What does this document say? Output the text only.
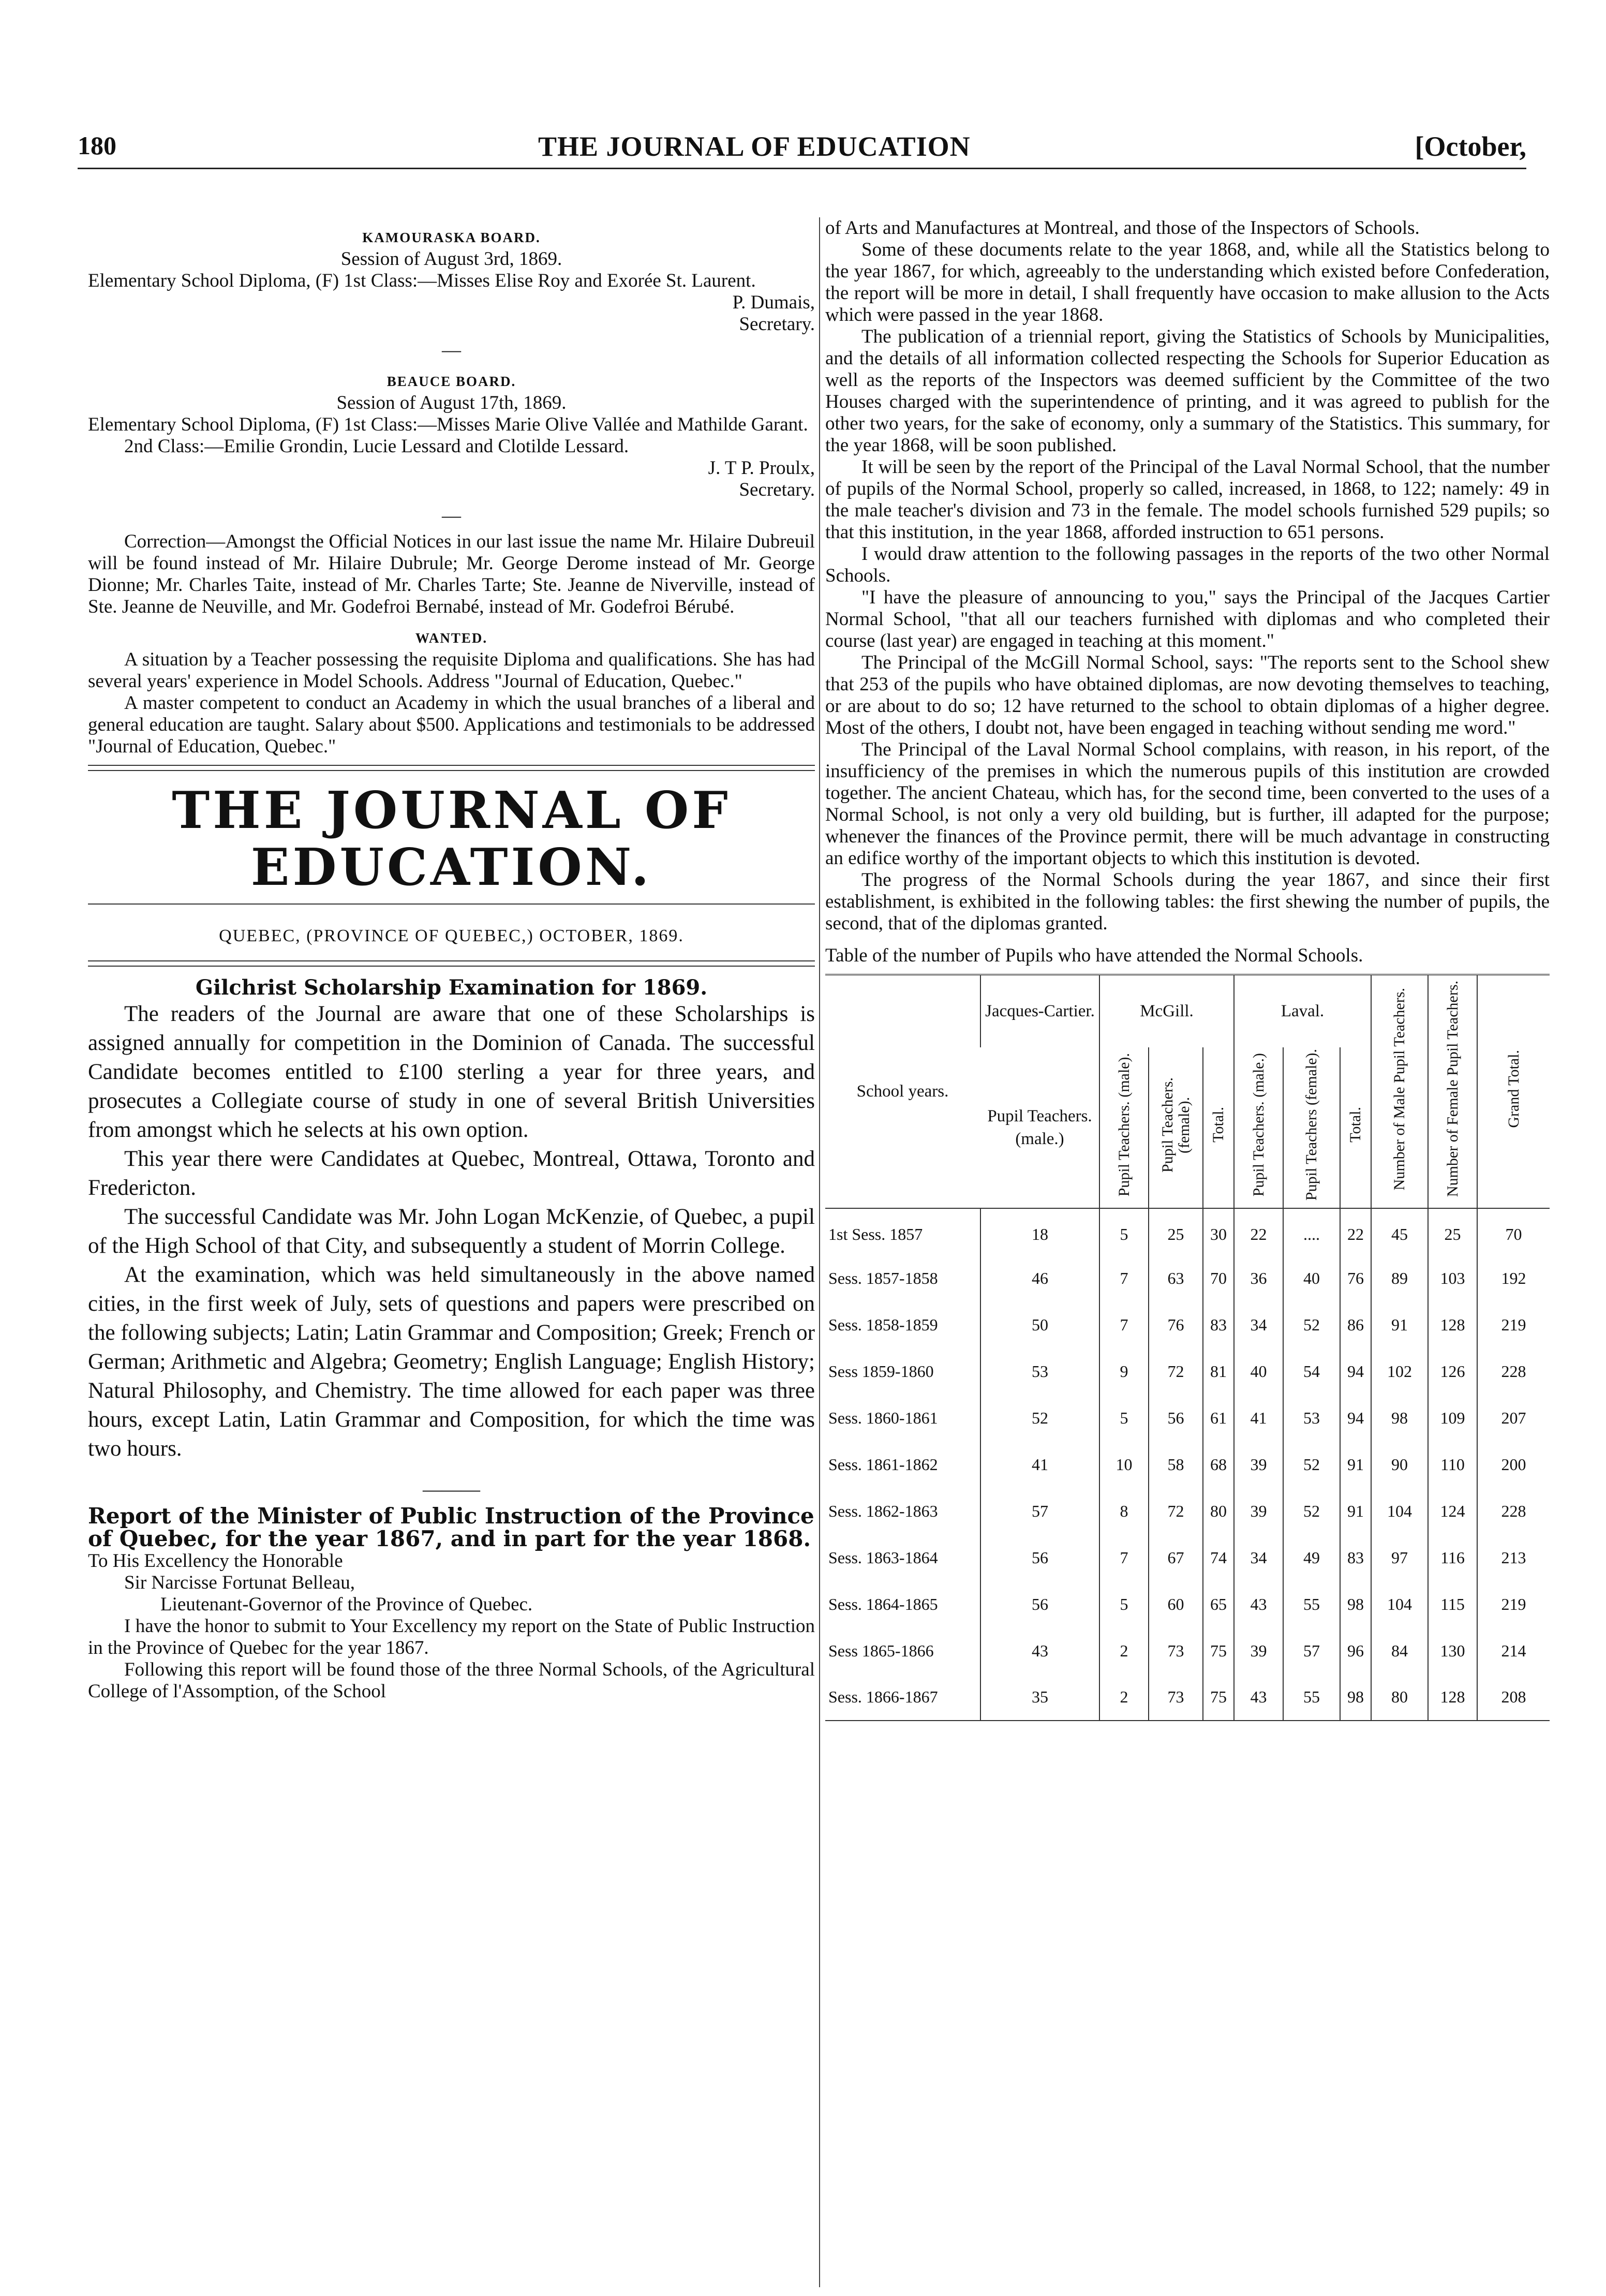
180	THE JOURNAL OF EDUCATION	[October,

KAMOURASKA BOARD.

Session of August 3rd, 1869.

Elementary School Diploma, (F) 1st Class:—Misses Elise Roy and Exorée St. Laurent.

P. Dumais,

Secretary.

—

BEAUCE BOARD.

Session of August 17th, 1869.

Elementary School Diploma, (F) 1st Class:—Misses Marie Olive Vallée and Mathilde Garant.

2nd Class:—Emilie Grondin, Lucie Lessard and Clotilde Lessard.

J. T P. Proulx,

Secretary.

—

Correction—Amongst the Official Notices in our last issue the name Mr. Hilaire Dubreuil will be found instead of Mr. Hilaire Dubrule; Mr. George Derome instead of Mr. George Dionne; Mr. Charles Taite, instead of Mr. Charles Tarte; Ste. Jeanne de Niverville, instead of Ste. Jeanne de Neuville, and Mr. Godefroi Bernabé, instead of Mr. Godefroi Bérubé.

WANTED.

A situation by a Teacher possessing the requisite Diploma and qualifications. She has had several years' experience in Model Schools. Address "Journal of Education, Quebec."

A master competent to conduct an Academy in which the usual branches of a liberal and general education are taught. Salary about $500. Applications and testimonials to be addressed "Journal of Education, Quebec."

THE JOURNAL OF EDUCATION.

QUEBEC, (PROVINCE OF QUEBEC,) OCTOBER, 1869.

Gilchrist Scholarship Examination for 1869.

The readers of the Journal are aware that one of these Scholarships is assigned annually for competition in the Dominion of Canada. The successful Candidate becomes entitled to £100 sterling a year for three years, and prosecutes a Collegiate course of study in one of several British Universities from amongst which he selects at his own option.

This year there were Candidates at Quebec, Montreal, Ottawa, Toronto and Fredericton.

The successful Candidate was Mr. John Logan McKenzie, of Quebec, a pupil of the High School of that City, and subsequently a student of Morrin College.

At the examination, which was held simultaneously in the above named cities, in the first week of July, sets of questions and papers were prescribed on the following subjects; Latin; Latin Grammar and Composition; Greek; French or German; Arithmetic and Algebra; Geometry; English Language; English History; Natural Philosophy, and Chemistry. The time allowed for each paper was three hours, except Latin, Latin Grammar and Composition, for which the time was two hours.

———

Report of the Minister of Public Instruction of the Province of Quebec, for the year 1867, and in part for the year 1868.

To His Excellency the Honorable

Sir Narcisse Fortunat Belleau,

Lieutenant-Governor of the Province of Quebec.

I have the honor to submit to Your Excellency my report on the State of Public Instruction in the Province of Quebec for the year 1867.

Following this report will be found those of the three Normal Schools, of the Agricultural College of l'Assomption, of the School

of Arts and Manufactures at Montreal, and those of the Inspectors of Schools.

Some of these documents relate to the year 1868, and, while all the Statistics belong to the year 1867, for which, agreeably to the understanding which existed before Confederation, the report will be more in detail, I shall frequently have occasion to make allusion to the Acts which were passed in the year 1868.

The publication of a triennial report, giving the Statistics of Schools by Municipalities, and the details of all information collected respecting the Schools for Superior Education as well as the reports of the Inspectors was deemed sufficient by the Committee of the two Houses charged with the superintendence of printing, and it was agreed to publish for the other two years, for the sake of economy, only a summary of the Statistics. This summary, for the year 1868, will be soon published.

It will be seen by the report of the Principal of the Laval Normal School, that the number of pupils of the Normal School, properly so called, increased, in 1868, to 122; namely: 49 in the male teacher's division and 73 in the female. The model schools furnished 529 pupils; so that this institution, in the year 1868, afforded instruction to 651 persons.

I would draw attention to the following passages in the reports of the two other Normal Schools.

"I have the pleasure of announcing to you," says the Principal of the Jacques Cartier Normal School, "that all our teachers furnished with diplomas and who completed their course (last year) are engaged in teaching at this moment."

The Principal of the McGill Normal School, says: "The reports sent to the School shew that 253 of the pupils who have obtained diplomas, are now devoting themselves to teaching, or are about to do so; 12 have returned to the school to obtain diplomas of a higher degree. Most of the others, I doubt not, have been engaged in teaching without sending me word."

The Principal of the Laval Normal School complains, with reason, in his report, of the insufficiency of the premises in which the numerous pupils of this institution are crowded together. The ancient Chateau, which has, for the second time, been converted to the uses of a Normal School, is not only a very old building, but is further, ill adapted for the purpose; whenever the finances of the Province permit, there will be much advantage in constructing an edifice worthy of the important objects to which this institution is devoted.

The progress of the Normal Schools during the year 1867, and since their first establishment, is exhibited in the following tables: the first shewing the number of pupils, the second, that of the diplomas granted.

Table of the number of Pupils who have attended the Normal Schools.

School years.	Jacques-Cartier.	McGill.			Laval.			Number of Male Pupil Teachers.	Number of Female Pupil Teachers.	Grand Total.
	Pupil Teachers. (male.)	Pupil Teachers. (male).	Pupil Teachers. (female).	Total.	Pupil Teachers. (male.)	Pupil Teachers (female).	Total.			
1st Sess. 1857	18	5	25	30	22	....	22	45	25	70
Sess. 1857-1858	46	7	63	70	36	40	76	89	103	192
Sess. 1858-1859	50	7	76	83	34	52	86	91	128	219
Sess 1859-1860	53	9	72	81	40	54	94	102	126	228
Sess. 1860-1861	52	5	56	61	41	53	94	98	109	207
Sess. 1861-1862	41	10	58	68	39	52	91	90	110	200
Sess. 1862-1863	57	8	72	80	39	52	91	104	124	228
Sess. 1863-1864	56	7	67	74	34	49	83	97	116	213
Sess. 1864-1865	56	5	60	65	43	55	98	104	115	219
Sess 1865-1866	43	2	73	75	39	57	96	84	130	214
Sess. 1866-1867	35	2	73	75	43	55	98	80	128	208
